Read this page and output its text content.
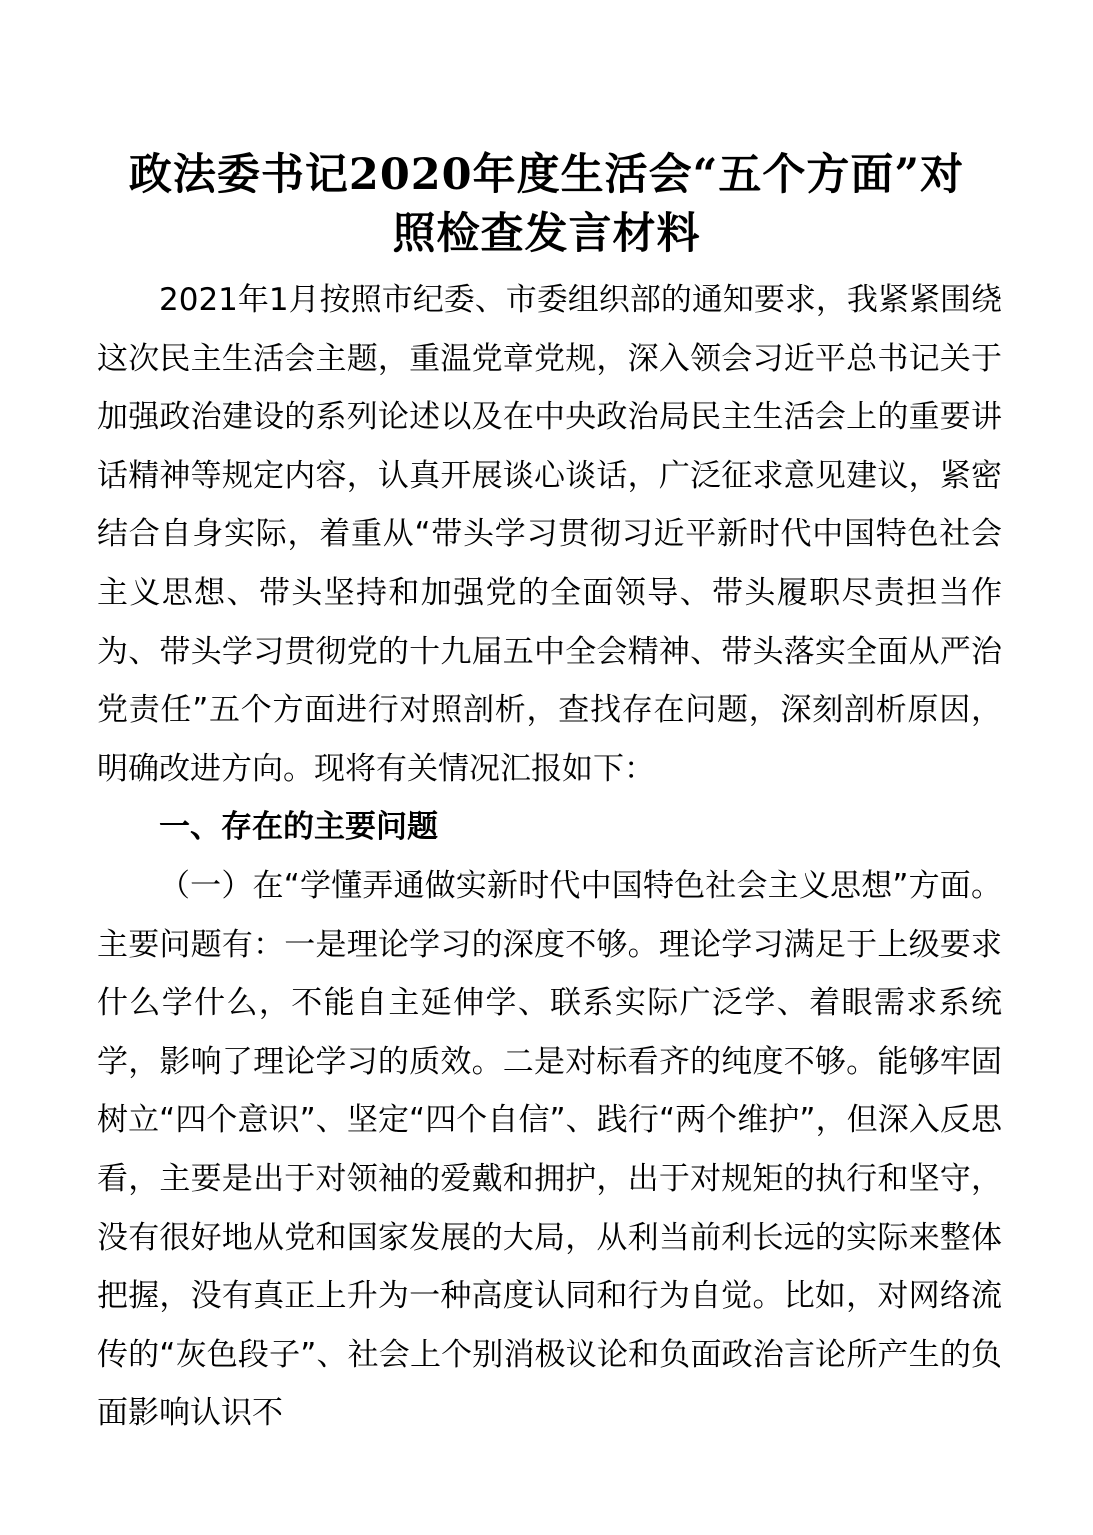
政法委书记2020年度生活会“五个方面”对
照检查发言材料

2021年1月按照市纪委、市委组织部的通知要求，我紧紧围绕这次民主生活会主题，重温党章党规，深入领会习近平总书记关于加强政治建设的系列论述以及在中央政治局民主生活会上的重要讲话精神等规定内容，认真开展谈心谈话，广泛征求意见建议，紧密结合自身实际，着重从“带头学习贯彻习近平新时代中国特色社会主义思想、带头坚持和加强党的全面领导、带头履职尽责担当作为、带头学习贯彻党的十九届五中全会精神、带头落实全面从严治党责任”五个方面进行对照剖析，查找存在问题，深刻剖析原因，明确改进方向。现将有关情况汇报如下：

一、存在的主要问题

（一）在“学懂弄通做实新时代中国特色社会主义思想”方面。主要问题有：一是理论学习的深度不够。理论学习满足于上级要求什么学什么，不能自主延伸学、联系实际广泛学、着眼需求系统学，影响了理论学习的质效。二是对标看齐的纯度不够。能够牢固树立“四个意识”、坚定“四个自信”、践行“两个维护”，但深入反思看，主要是出于对领袖的爱戴和拥护，出于对规矩的执行和坚守，没有很好地从党和国家发展的大局，从利当前利长远的实际来整体把握，没有真正上升为一种高度认同和行为自觉。比如，对网络流传的“灰色段子”、社会上个别消极议论和负面政治言论所产生的负面影响认识不
